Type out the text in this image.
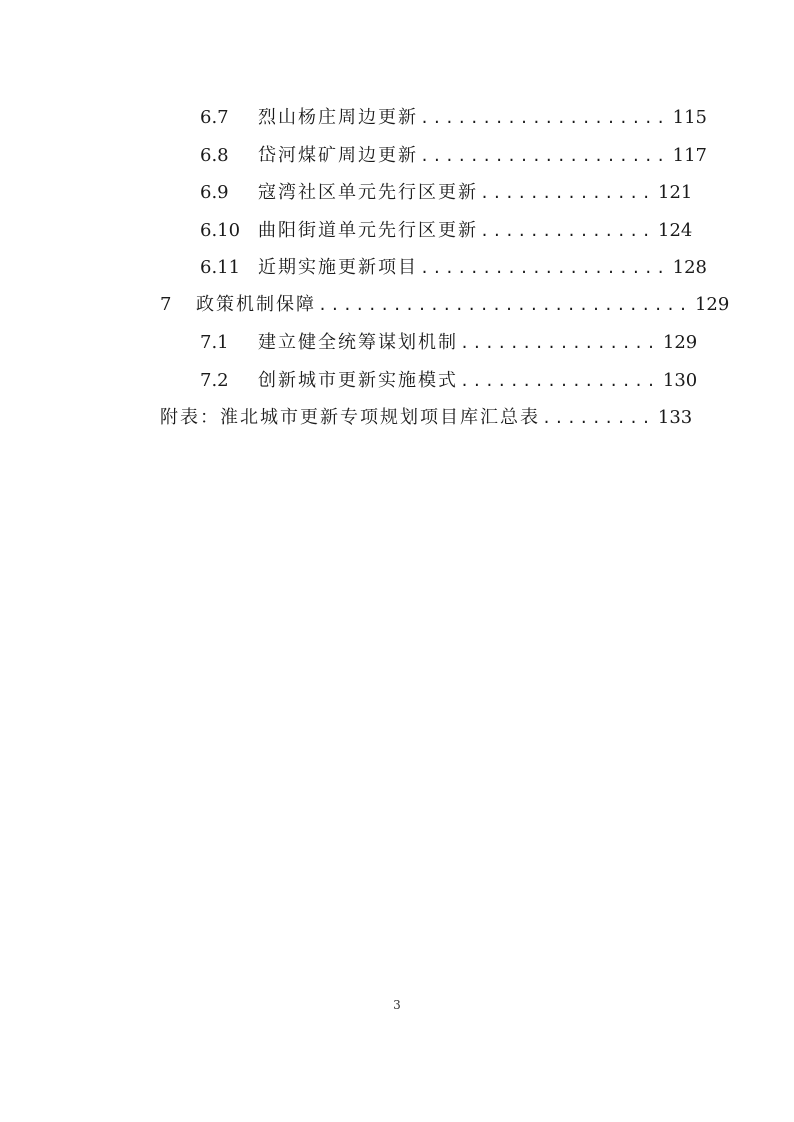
6.7	烈山杨庄周边更新 .................... 115
6.8	岱河煤矿周边更新 .................... 117
6.9	寇湾社区单元先行区更新 .............. 121
6.10 曲阳街道单元先行区更新 .............. 124
6.11 近期实施更新项目 .................... 128
7	政策机制保障 .............................. 129
7.1	建立健全统筹谋划机制 ................ 129
7.2	创新城市更新实施模式 ................ 130
附表：淮北城市更新专项规划项目库汇总表 ......... 133
3
